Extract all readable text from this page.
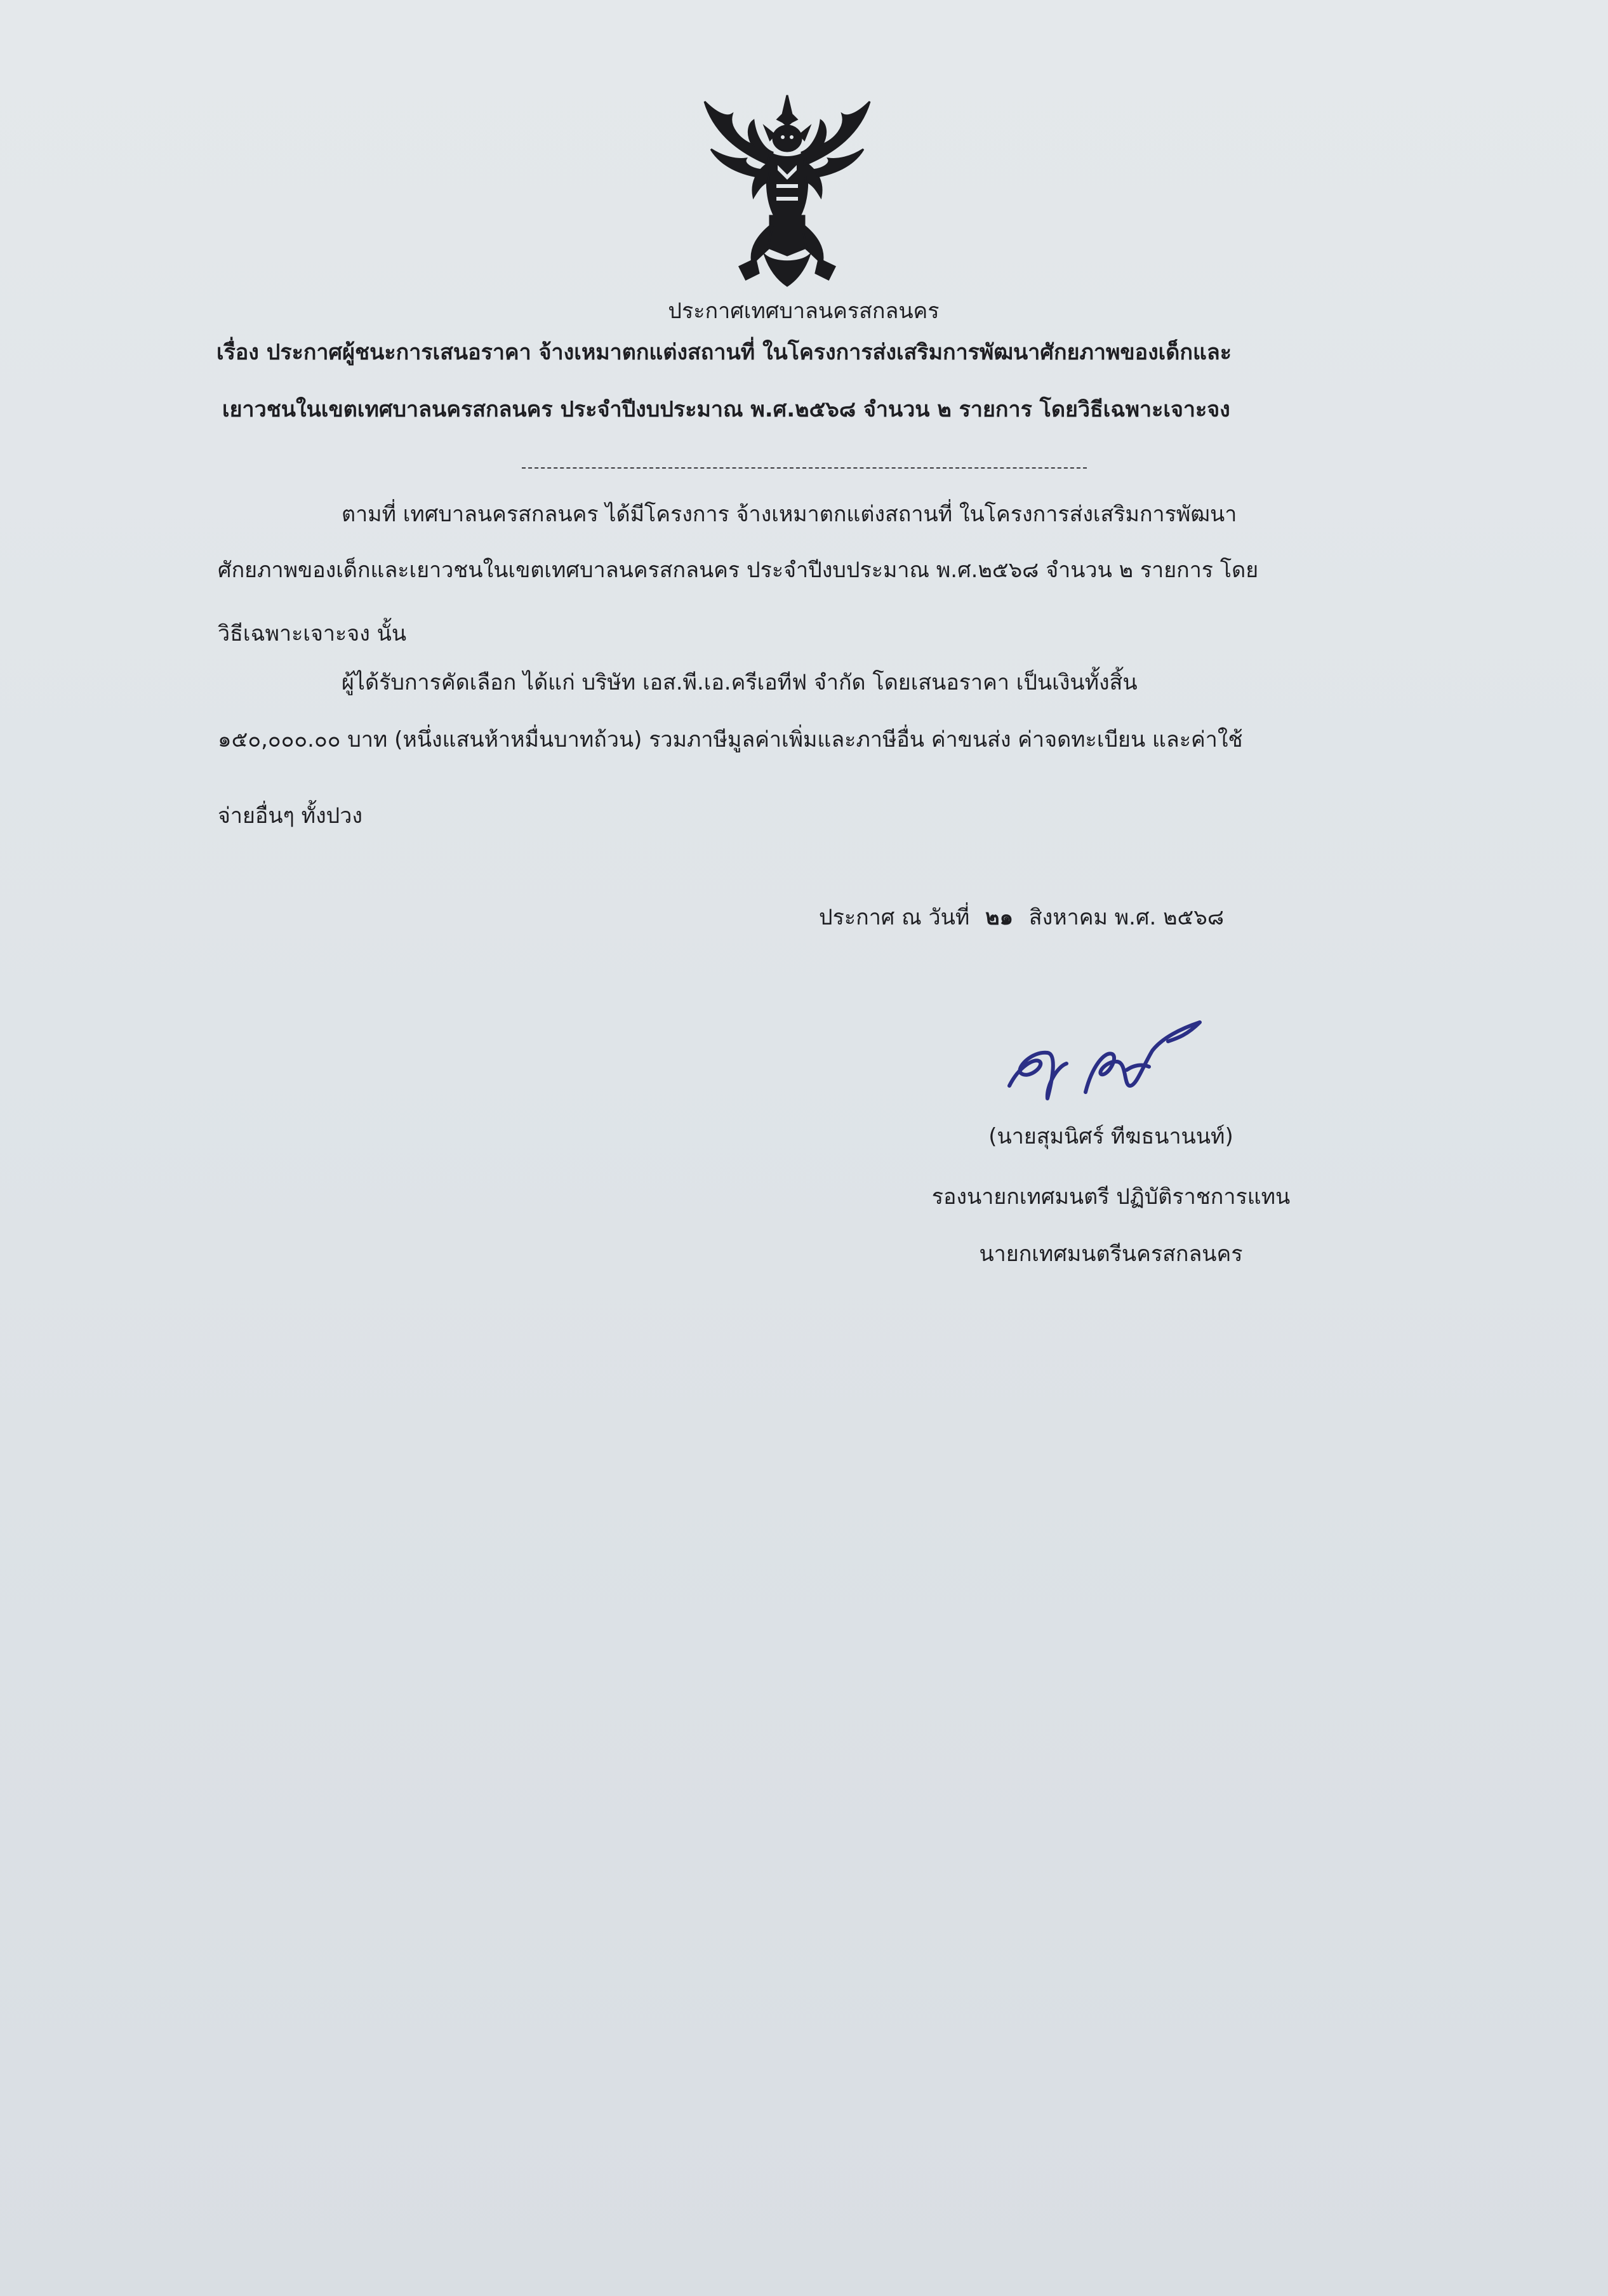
ประกาศเทศบาลนครสกลนคร
เรื่อง ประกาศผู้ชนะการเสนอราคา จ้างเหมาตกแต่งสถานที่ ในโครงการส่งเสริมการพัฒนาศักยภาพของเด็กและ
เยาวชนในเขตเทศบาลนครสกลนคร ประจำปีงบประมาณ พ.ศ.๒๕๖๘ จำนวน ๒ รายการ โดยวิธีเฉพาะเจาะจง
ตามที่ เทศบาลนครสกลนคร ได้มีโครงการ จ้างเหมาตกแต่งสถานที่ ในโครงการส่งเสริมการพัฒนา
ศักยภาพของเด็กและเยาวชนในเขตเทศบาลนครสกลนคร ประจำปีงบประมาณ พ.ศ.๒๕๖๘ จำนวน ๒ รายการ โดย
วิธีเฉพาะเจาะจง นั้น
ผู้ได้รับการคัดเลือก ได้แก่ บริษัท เอส.พี.เอ.ครีเอทีฟ จำกัด โดยเสนอราคา เป็นเงินทั้งสิ้น
๑๕๐,๐๐๐.๐๐ บาท (หนึ่งแสนห้าหมื่นบาทถ้วน) รวมภาษีมูลค่าเพิ่มและภาษีอื่น ค่าขนส่ง ค่าจดทะเบียน และค่าใช้
จ่ายอื่นๆ ทั้งปวง
ประกาศ ณ วันที่ ๒๑ สิงหาคม พ.ศ. ๒๕๖๘
(นายสุมนิศร์ ทีฆธนานนท์)
รองนายกเทศมนตรี ปฏิบัติราชการแทน
นายกเทศมนตรีนครสกลนคร
